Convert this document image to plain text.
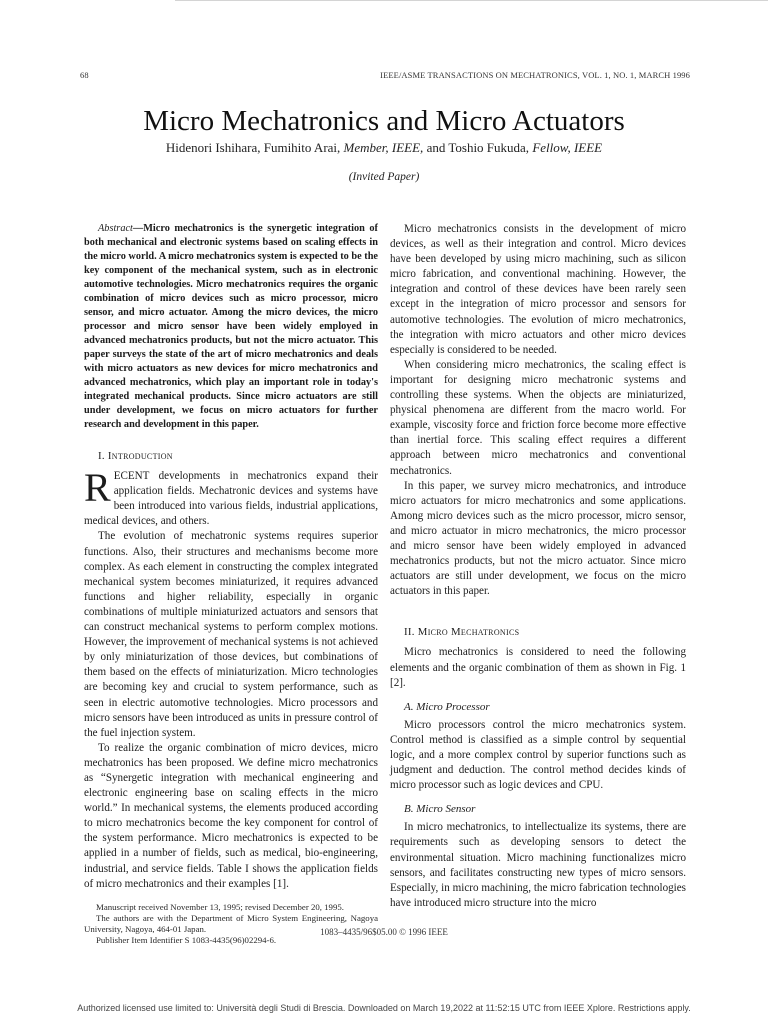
68	IEEE/ASME TRANSACTIONS ON MECHATRONICS, VOL. 1, NO. 1, MARCH 1996
Micro Mechatronics and Micro Actuators
Hidenori Ishihara, Fumihito Arai, Member, IEEE, and Toshio Fukuda, Fellow, IEEE
(Invited Paper)

Abstract—Micro mechatronics is the synergetic integration of both mechanical and electronic systems based on scaling effects in the micro world. A micro mechatronics system is expected to be the key component of the mechanical system, such as in electronic automotive technologies. Micro mechatronics requires the organic combination of micro devices such as micro processor, micro sensor, and micro actuator. Among the micro devices, the micro processor and micro sensor have been widely employed in advanced mechatronics products, but not the micro actuator. This paper surveys the state of the art of micro mechatronics and deals with micro actuators as new devices for micro mechatronics and advanced mechatronics, which play an important role in today's integrated mechanical products. Since micro actuators are still under development, we focus on micro actuators for further research and development in this paper.

I. Introduction

RECENT developments in mechatronics expand their application fields. Mechatronic devices and systems have been introduced into various fields, industrial applications, medical devices, and others.

The evolution of mechatronic systems requires superior functions. Also, their structures and mechanisms become more complex. As each element in constructing the complex integrated mechanical system becomes miniaturized, it requires advanced functions and higher reliability, especially in organic combinations of multiple miniaturized actuators and sensors that can construct mechanical systems to perform complex motions. However, the improvement of mechanical systems is not achieved by only miniaturization of those devices, but combinations of them based on the effects of miniaturization. Micro technologies are becoming key and crucial to system performance, such as seen in electric automotive technologies. Micro processors and micro sensors have been introduced as units in pressure control of the fuel injection system.

To realize the organic combination of micro devices, micro mechatronics has been proposed. We define micro mechatronics as “Synergetic integration with mechanical engineering and electronic engineering base on scaling effects in the micro world.” In mechanical systems, the elements produced according to micro mechatronics become the key component for control of the system performance. Micro mechatronics is expected to be applied in a number of fields, such as medical, bio-engineering, industrial, and service fields. Table I shows the application fields of micro mechatronics and their examples [1].

Manuscript received November 13, 1995; revised December 20, 1995.

The authors are with the Department of Micro System Engineering, Nagoya University, Nagoya, 464-01 Japan.

Publisher Item Identifier S 1083-4435(96)02294-6.

Micro mechatronics consists in the development of micro devices, as well as their integration and control. Micro devices have been developed by using micro machining, such as silicon micro fabrication, and conventional machining. However, the integration and control of these devices have been rarely seen except in the integration of micro processor and sensors for automotive technologies. The evolution of micro mechatronics, the integration with micro actuators and other micro devices especially is considered to be needed.

When considering micro mechatronics, the scaling effect is important for designing micro mechatronic systems and controlling these systems. When the objects are miniaturized, physical phenomena are different from the macro world. For example, viscosity force and friction force become more effective than inertial force. This scaling effect requires a different approach between micro mechatronics and conventional mechatronics.

In this paper, we survey micro mechatronics, and introduce micro actuators for micro mechatronics and some applications. Among micro devices such as the micro processor, micro sensor, and micro actuator in micro mechatronics, the micro processor and micro sensor have been widely employed in advanced mechatronics products, but not the micro actuator. Since micro actuators are still under development, we focus on the micro actuators in this paper.

II. Micro Mechatronics

Micro mechatronics is considered to need the following elements and the organic combination of them as shown in Fig. 1 [2].

A. Micro Processor

Micro processors control the micro mechatronics system. Control method is classified as a simple control by sequential logic, and a more complex control by superior functions such as judgment and deduction. The control method decides kinds of micro processor such as logic devices and CPU.

B. Micro Sensor

In micro mechatronics, to intellectualize its systems, there are requirements such as developing sensors to detect the environmental situation. Micro machining functionalizes micro sensors, and facilitates constructing new types of micro sensors. Especially, in micro machining, the micro fabrication technologies have introduced micro structure into the micro

1083–4435/96$05.00 © 1996 IEEE
Authorized licensed use limited to: Università degli Studi di Brescia. Downloaded on March 19,2022 at 11:52:15 UTC from IEEE Xplore. Restrictions apply.
